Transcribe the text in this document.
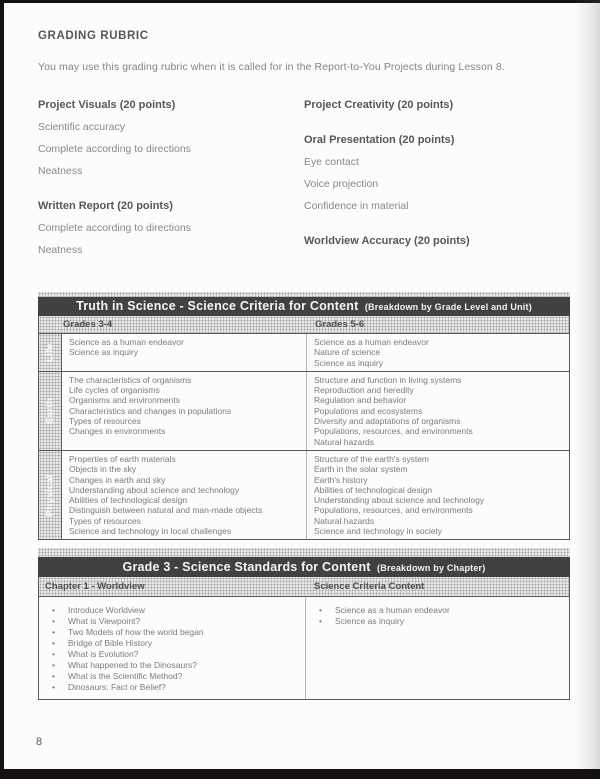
GRADING RUBRIC

You may use this grading rubric when it is called for in the Report-to-You Projects during Lesson 8.

Project Visuals (20 points)
Scientific accuracy
Complete according to directions
Neatness
Written Report (20 points)
Complete according to directions
Neatness
Project Creativity (20 points)
Oral Presentation (20 points)
Eye contact
Voice projection
Confidence in material
Worldview Accuracy (20 points)
Truth in Science - Science Criteria for Content (Breakdown by Grade Level and Unit)
Grades 3-4	Grades 5-6
Life
Science as a human endeavor
Science as inquiry
Science as a human endeavor
Nature of science
Science as inquiry
Earth
The characteristics of organisms
Life cycles of organisms
Organisms and environments
Characteristics and changes in populations
Types of resources
Changes in environments
Structure and function in living systems
Reproduction and heredity
Regulation and behavior
Populations and ecosystems
Diversity and adaptations of organisms
Populations, resources, and environments
Natural hazards
Physical
Properties of earth materials
Objects in the sky
Changes in earth and sky
Understanding about science and technology
Abilities of technological design
Distinguish between natural and man-made objects
Types of resources
Science and technology in local challenges
Structure of the earth's system
Earth in the solar system
Earth's history
Abilities of technological design
Understanding about science and technology
Populations, resources, and environments
Natural hazards
Science and technology in society
Grade 3 - Science Standards for Content (Breakdown by Chapter)
Chapter 1 - Worldview	Science Criteria Content
• Introduce Worldview
• What is Viewpoint?
• Two Models of how the world began
• Bridge of Bible History
• What is Evolution?
• What happened to the Dinosaurs?
• What is the Scientific Method?
• Dinosaurs: Fact or Belief?
• Science as a human endeavor
• Science as inquiry
8
